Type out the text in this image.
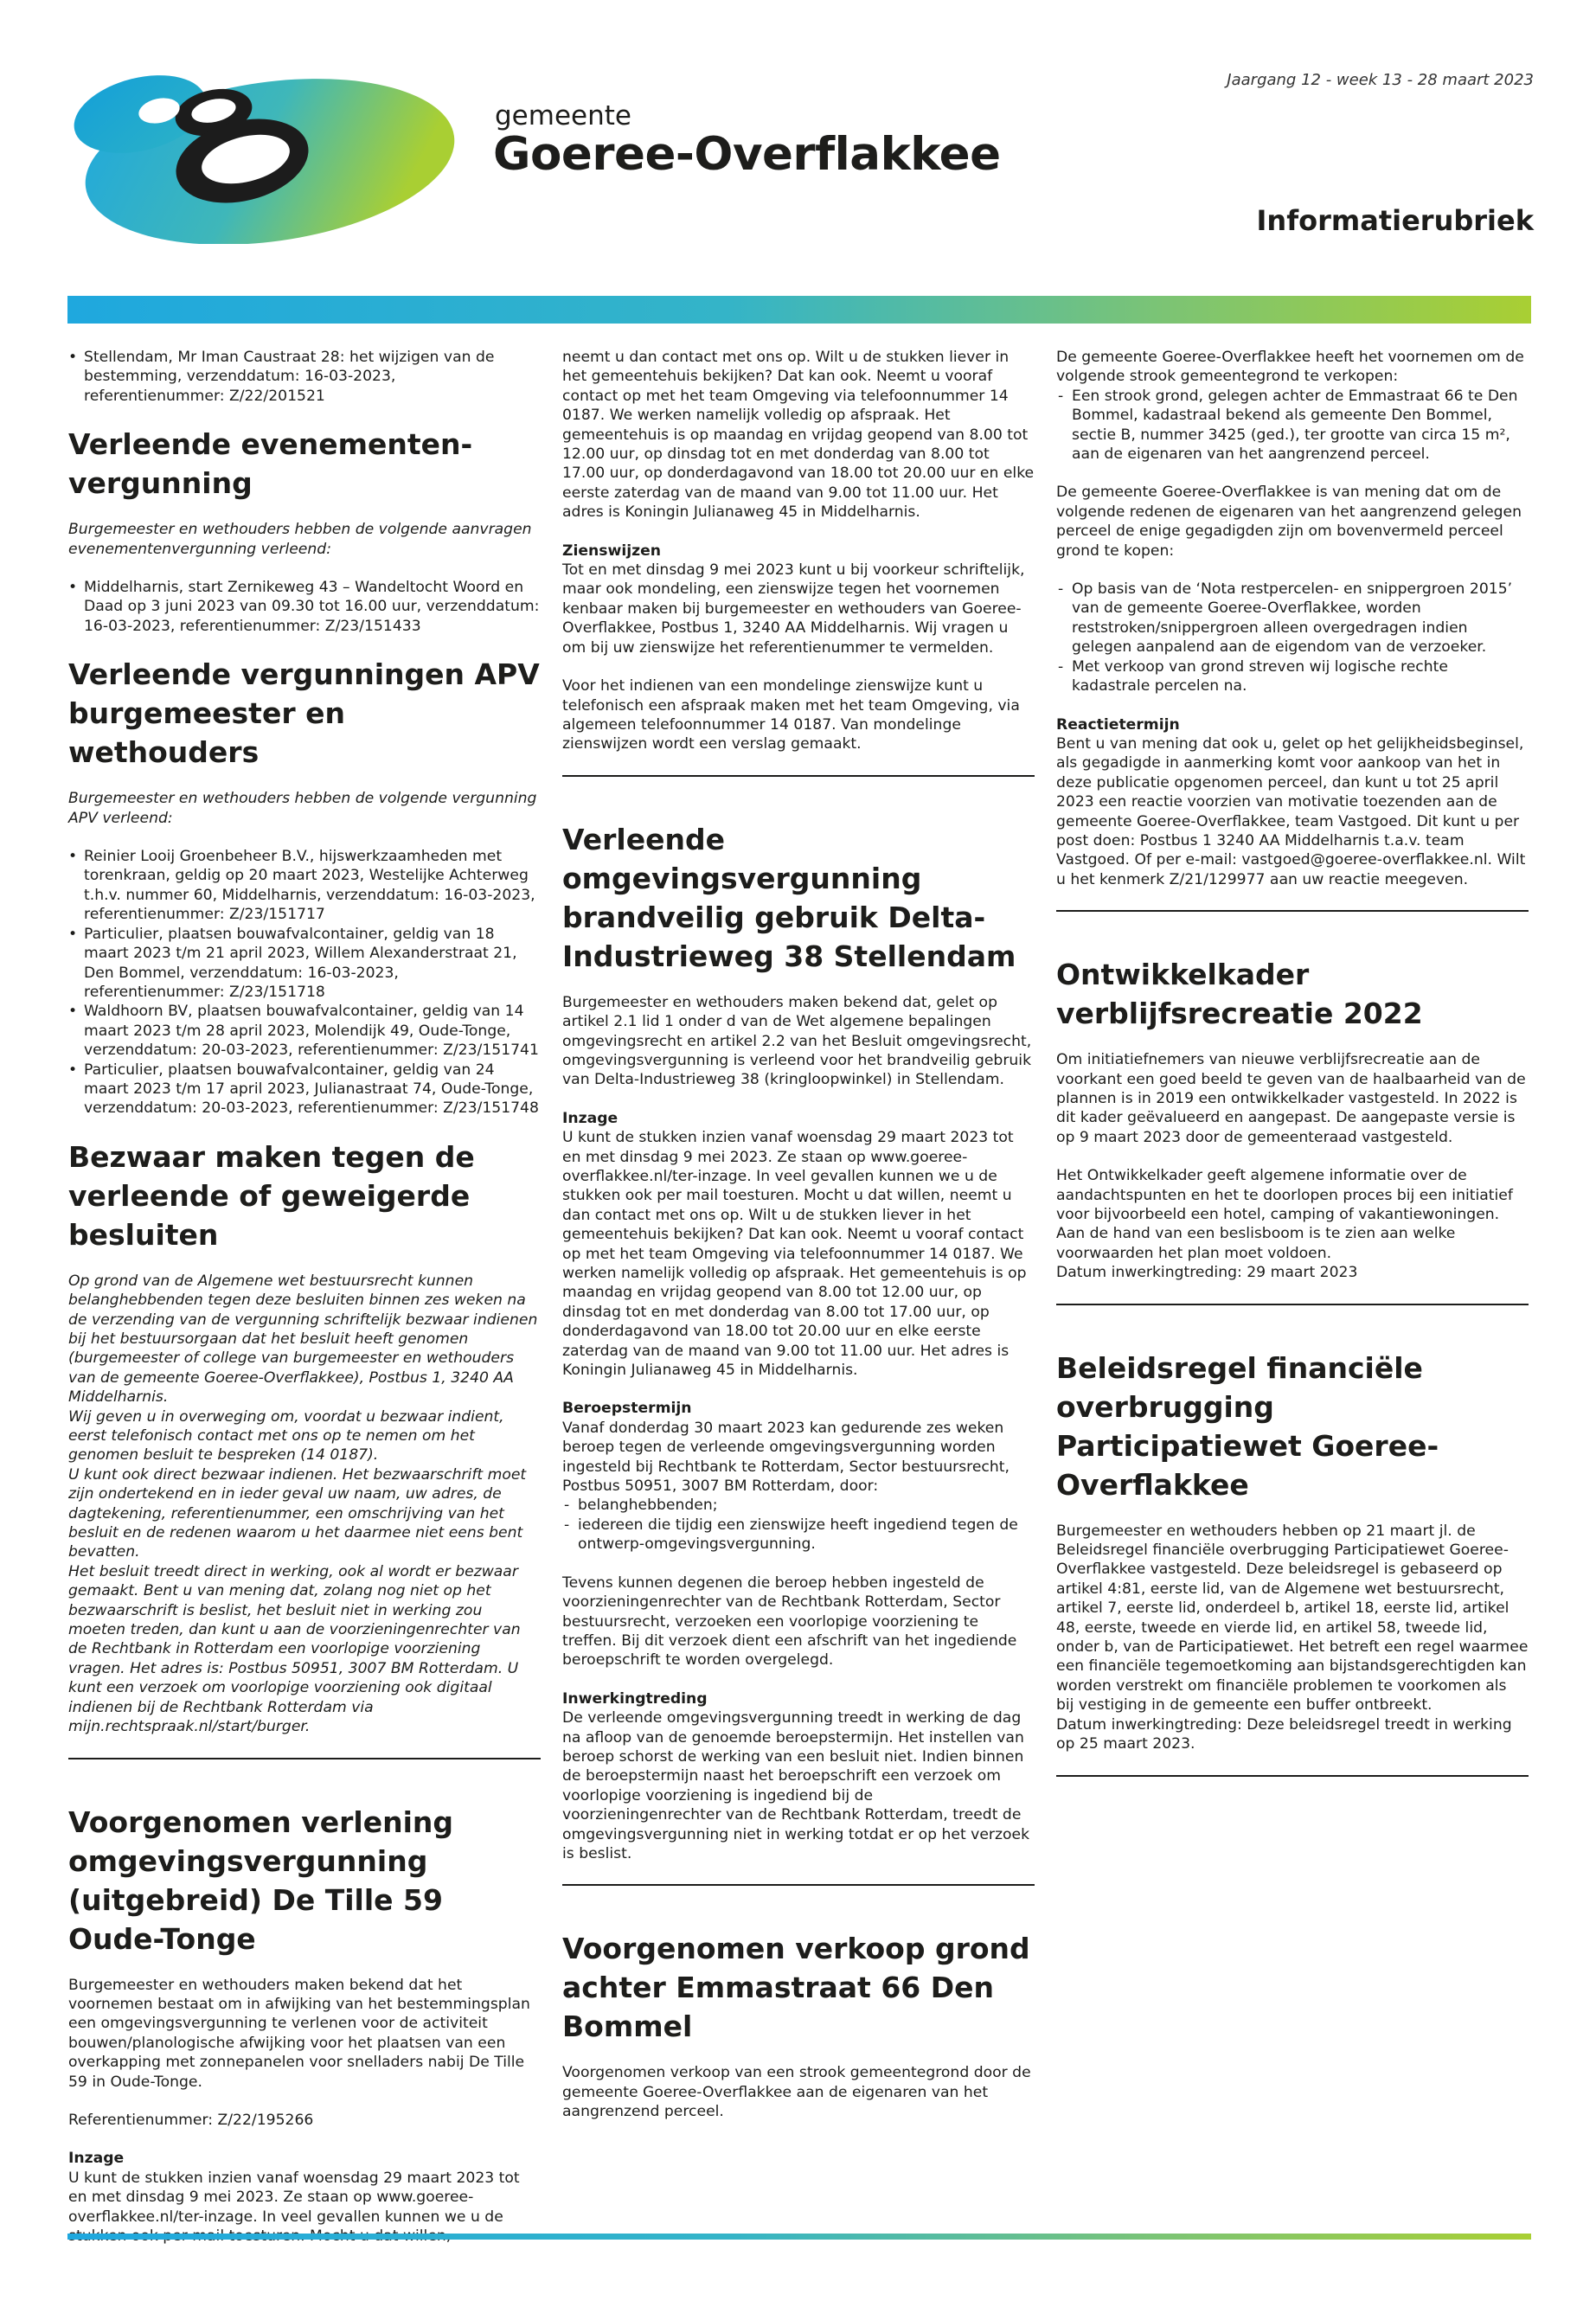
gemeente
Goeree-Overflakkee
Jaargang 12 - week 13 - 28 maart 2023
Informatierubriek
• Stellendam, Mr Iman Caustraat 28: het wijzigen van de bestemming, verzenddatum: 16-03-2023, referentienummer: Z/22/201521
Verleende evenementen-vergunning

Burgemeester en wethouders hebben de volgende aanvragen evenementenvergunning verleend:

• Middelharnis, start Zernikeweg 43 – Wandeltocht Woord en Daad op 3 juni 2023 van 09.30 tot 16.00 uur, verzenddatum: 16-03-2023, referentienummer: Z/23/151433
Verleende vergunningen APV burgemeester en wethouders

Burgemeester en wethouders hebben de volgende vergunning APV verleend:

• Reinier Looij Groenbeheer B.V., hijswerkzaamheden met torenkraan, geldig op 20 maart 2023, Westelijke Achterweg t.h.v. nummer 60, Middelharnis, verzenddatum: 16-03-2023, referentienummer: Z/23/151717
• Particulier, plaatsen bouwafvalcontainer, geldig van 18 maart 2023 t/m 21 april 2023, Willem Alexanderstraat 21, Den Bommel, verzenddatum: 16-03-2023, referentienummer: Z/23/151718
• Waldhoorn BV, plaatsen bouwafvalcontainer, geldig van 14 maart 2023 t/m 28 april 2023, Molendijk 49, Oude-Tonge, verzenddatum: 20-03-2023, referentienummer: Z/23/151741
• Particulier, plaatsen bouwafvalcontainer, geldig van 24 maart 2023 t/m 17 april 2023, Julianastraat 74, Oude-Tonge, verzenddatum: 20-03-2023, referentienummer: Z/23/151748
Bezwaar maken tegen de verleende of geweigerde besluiten

Op grond van de Algemene wet bestuursrecht kunnen belanghebbenden tegen deze besluiten binnen zes weken na de verzending van de vergunning schriftelijk bezwaar indienen bij het bestuursorgaan dat het besluit heeft genomen (burgemeester of college van burgemeester en wethouders van de gemeente Goeree-Overflakkee), Postbus 1, 3240 AA Middelharnis.

Wij geven u in overweging om, voordat u bezwaar indient, eerst telefonisch contact met ons op te nemen om het genomen besluit te bespreken (14 0187).

U kunt ook direct bezwaar indienen. Het bezwaarschrift moet zijn ondertekend en in ieder geval uw naam, uw adres, de dagtekening, referentienummer, een omschrijving van het besluit en de redenen waarom u het daarmee niet eens bent bevatten.

Het besluit treedt direct in werking, ook al wordt er bezwaar gemaakt. Bent u van mening dat, zolang nog niet op het bezwaarschrift is beslist, het besluit niet in werking zou moeten treden, dan kunt u aan de voorzieningenrechter van de Rechtbank in Rotterdam een voorlopige voorziening vragen. Het adres is: Postbus 50951, 3007 BM Rotterdam. U kunt een verzoek om voorlopige voorziening ook digitaal indienen bij de Rechtbank Rotterdam via mijn.rechtspraak.nl/start/burger.

Voorgenomen verlening omgevingsvergunning (uitgebreid) De Tille 59 Oude-Tonge

Burgemeester en wethouders maken bekend dat het voornemen bestaat om in afwijking van het bestemmingsplan een omgevingsvergunning te verlenen voor de activiteit bouwen/planologische afwijking voor het plaatsen van een overkapping met zonnepanelen voor snelladers nabij De Tille 59 in Oude-Tonge.

Referentienummer: Z/22/195266

Inzage

U kunt de stukken inzien vanaf woensdag 29 maart 2023 tot en met dinsdag 9 mei 2023. Ze staan op www.goeree-overflakkee.nl/ter-inzage. In veel gevallen kunnen we u de

neemt u dan contact met ons op. Wilt u de stukken liever in het gemeentehuis bekijken? Dat kan ook. Neemt u vooraf contact op met het team Omgeving via telefoonnummer 14 0187. We werken namelijk volledig op afspraak. Het gemeentehuis is op maandag en vrijdag geopend van 8.00 tot 12.00 uur, op dinsdag tot en met donderdag van 8.00 tot 17.00 uur, op donderdagavond van 18.00 tot 20.00 uur en elke eerste zaterdag van de maand van 9.00 tot 11.00 uur. Het adres is Koningin Julianaweg 45 in Middelharnis.

Zienswijzen

Tot en met dinsdag 9 mei 2023 kunt u bij voorkeur schriftelijk, maar ook mondeling, een zienswijze tegen het voornemen kenbaar maken bij burgemeester en wethouders van Goeree-Overflakkee, Postbus 1, 3240 AA Middelharnis. Wij vragen u om bij uw zienswijze het referentienummer te vermelden.

Voor het indienen van een mondelinge zienswijze kunt u telefonisch een afspraak maken met het team Omgeving, via algemeen telefoonnummer 14 0187. Van mondelinge zienswijzen wordt een verslag gemaakt.

Verleende omgevingsvergunning brandveilig gebruik Delta-Industrieweg 38 Stellendam

Burgemeester en wethouders maken bekend dat, gelet op artikel 2.1 lid 1 onder d van de Wet algemene bepalingen omgevingsrecht en artikel 2.2 van het Besluit omgevingsrecht, omgevingsvergunning is verleend voor het brandveilig gebruik van Delta-Industrieweg 38 (kringloopwinkel) in Stellendam.

Inzage

U kunt de stukken inzien vanaf woensdag 29 maart 2023 tot en met dinsdag 9 mei 2023. Ze staan op www.goeree-overflakkee.nl/ter-inzage. In veel gevallen kunnen we u de stukken ook per mail toesturen. Mocht u dat willen, neemt u dan contact met ons op. Wilt u de stukken liever in het gemeentehuis bekijken? Dat kan ook. Neemt u vooraf contact op met het team Omgeving via telefoonnummer 14 0187. We werken namelijk volledig op afspraak. Het gemeentehuis is op maandag en vrijdag geopend van 8.00 tot 12.00 uur, op dinsdag tot en met donderdag van 8.00 tot 17.00 uur, op donderdagavond van 18.00 tot 20.00 uur en elke eerste zaterdag van de maand van 9.00 tot 11.00 uur. Het adres is Koningin Julianaweg 45 in Middelharnis.

Beroepstermijn

Vanaf donderdag 30 maart 2023 kan gedurende zes weken beroep tegen de verleende omgevingsvergunning worden ingesteld bij Rechtbank te Rotterdam, Sector bestuursrecht, Postbus 50951, 3007 BM Rotterdam, door:

- belanghebbenden;
- iedereen die tijdig een zienswijze heeft ingediend tegen de ontwerp-omgevingsvergunning.

Tevens kunnen degenen die beroep hebben ingesteld de voorzieningenrechter van de Rechtbank Rotterdam, Sector bestuursrecht, verzoeken een voorlopige voorziening te treffen. Bij dit verzoek dient een afschrift van het ingediende beroepschrift te worden overgelegd.

Inwerkingtreding

De verleende omgevingsvergunning treedt in werking de dag na afloop van de genoemde beroepstermijn. Het instellen van beroep schorst de werking van een besluit niet. Indien binnen de beroepstermijn naast het beroepschrift een verzoek om voorlopige voorziening is ingediend bij de voorzieningenrechter van de Rechtbank Rotterdam, treedt de omgevingsvergunning niet in werking totdat er op het verzoek is beslist.

Voorgenomen verkoop grond achter Emmastraat 66 Den Bommel

Voorgenomen verkoop van een strook gemeentegrond door de gemeente Goeree-Overflakkee aan de eigenaren van het aangrenzend perceel.

De gemeente Goeree-Overflakkee heeft het voornemen om de volgende strook gemeentegrond te verkopen:

- Een strook grond, gelegen achter de Emmastraat 66 te Den Bommel, kadastraal bekend als gemeente Den Bommel, sectie B, nummer 3425 (ged.), ter grootte van circa 15 m², aan de eigenaren van het aangrenzend perceel.

De gemeente Goeree-Overflakkee is van mening dat om de volgende redenen de eigenaren van het aangrenzend gelegen perceel de enige gegadigden zijn om bovenvermeld perceel grond te kopen:

- Op basis van de ‘Nota restpercelen- en snippergroen 2015’ van de gemeente Goeree-Overflakkee, worden reststroken/snippergroen alleen overgedragen indien gelegen aanpalend aan de eigendom van de verzoeker.
- Met verkoop van grond streven wij logische rechte kadastrale percelen na.
Reactietermijn

Bent u van mening dat ook u, gelet op het gelijkheidsbeginsel, als gegadigde in aanmerking komt voor aankoop van het in deze publicatie opgenomen perceel, dan kunt u tot 25 april 2023 een reactie voorzien van motivatie toezenden aan de gemeente Goeree-Overflakkee, team Vastgoed. Dit kunt u per post doen: Postbus 1 3240 AA Middelharnis t.a.v. team Vastgoed. Of per e-mail: vastgoed@goeree-overflakkee.nl. Wilt u het kenmerk Z/21/129977 aan uw reactie meegeven.

Ontwikkelkader verblijfsrecreatie 2022

Om initiatiefnemers van nieuwe verblijfsrecreatie aan de voorkant een goed beeld te geven van de haalbaarheid van de plannen is in 2019 een ontwikkelkader vastgesteld. In 2022 is dit kader geëvalueerd en aangepast. De aangepaste versie is op 9 maart 2023 door de gemeenteraad vastgesteld.

Het Ontwikkelkader geeft algemene informatie over de aandachtspunten en het te doorlopen proces bij een initiatief voor bijvoorbeeld een hotel, camping of vakantiewoningen. Aan de hand van een beslisboom is te zien aan welke voorwaarden het plan moet voldoen.

Datum inwerkingtreding: 29 maart 2023

Beleidsregel financiële overbrugging Participatiewet Goeree-Overflakkee

Burgemeester en wethouders hebben op 21 maart jl. de Beleidsregel financiële overbrugging Participatiewet Goeree-Overflakkee vastgesteld. Deze beleidsregel is gebaseerd op artikel 4:81, eerste lid, van de Algemene wet bestuursrecht, artikel 7, eerste lid, onderdeel b, artikel 18, eerste lid, artikel 48, eerste, tweede en vierde lid, en artikel 58, tweede lid, onder b, van de Participatiewet. Het betreft een regel waarmee een financiële tegemoetkoming aan bijstandsgerechtigden kan worden verstrekt om financiële problemen te voorkomen als bij vestiging in de gemeente een buffer ontbreekt.

Datum inwerkingtreding: Deze beleidsregel treedt in werking op 25 maart 2023.
